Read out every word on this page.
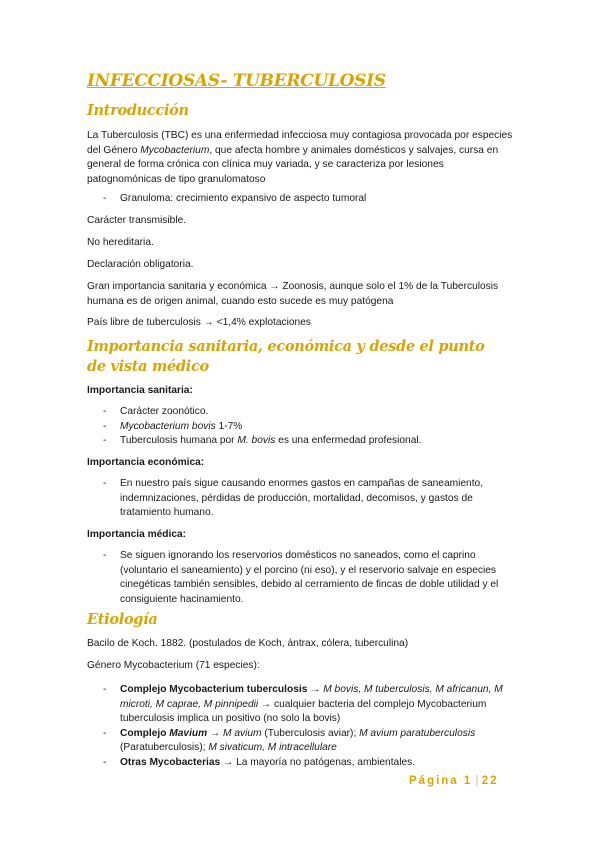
INFECCIOSAS- TUBERCULOSIS
Introducción

La Tuberculosis (TBC) es una enfermedad infecciosa muy contagiosa provocada por especies del Género Mycobacterium, que afecta hombre y animales domésticos y salvajes, cursa en general de forma crónica con clínica muy variada, y se caracteriza por lesiones patognomónicas de tipo granulomatoso

- Granuloma: crecimiento expansivo de aspecto tumoral

Carácter transmisible.

No hereditaria.

Declaración obligatoria.

Gran importancia sanitaria y económica → Zoonosis, aunque solo el 1% de la Tuberculosis humana es de origen animal, cuando esto sucede es muy patógena

País libre de tuberculosis → <1,4% explotaciones

Importancia sanitaria, económica y desde el punto de vista médico

Importancia sanitaria:

- Carácter zoonótico.
- Mycobacterium bovis 1-7%
- Tuberculosis humana por M. bovis es una enfermedad profesional.

Importancia económica:

- En nuestro país sigue causando enormes gastos en campañas de saneamiento, indemnizaciones, pérdidas de producción, mortalidad, decomisos, y gastos de tratamiento humano.

Importancia médica:

- Se siguen ignorando los reservorios domésticos no saneados, como el caprino (voluntario el saneamiento) y el porcino (ni eso), y el reservorio salvaje en especies cinegéticas también sensibles, debido al cerramiento de fincas de doble utilidad y el consiguiente hacinamiento.
Etiología

Bacilo de Koch. 1882. (postulados de Koch, ántrax, cólera, tuberculina)

Género Mycobacterium (71 especies):

- Complejo Mycobacterium tuberculosis → M bovis, M tuberculosis, M africanun, M microti, M caprae, M pinnipedii → cualquier bacteria del complejo Mycobacterium tuberculosis implica un positivo (no solo la bovis)
- Complejo Mavium → M avium (Tuberculosis aviar); M avium paratuberculosis (Paratuberculosis); M sivaticum, M intracellulare
- Otras Mycobacterias → La mayoría no patógenas, ambientales.
Página 1 | 22
